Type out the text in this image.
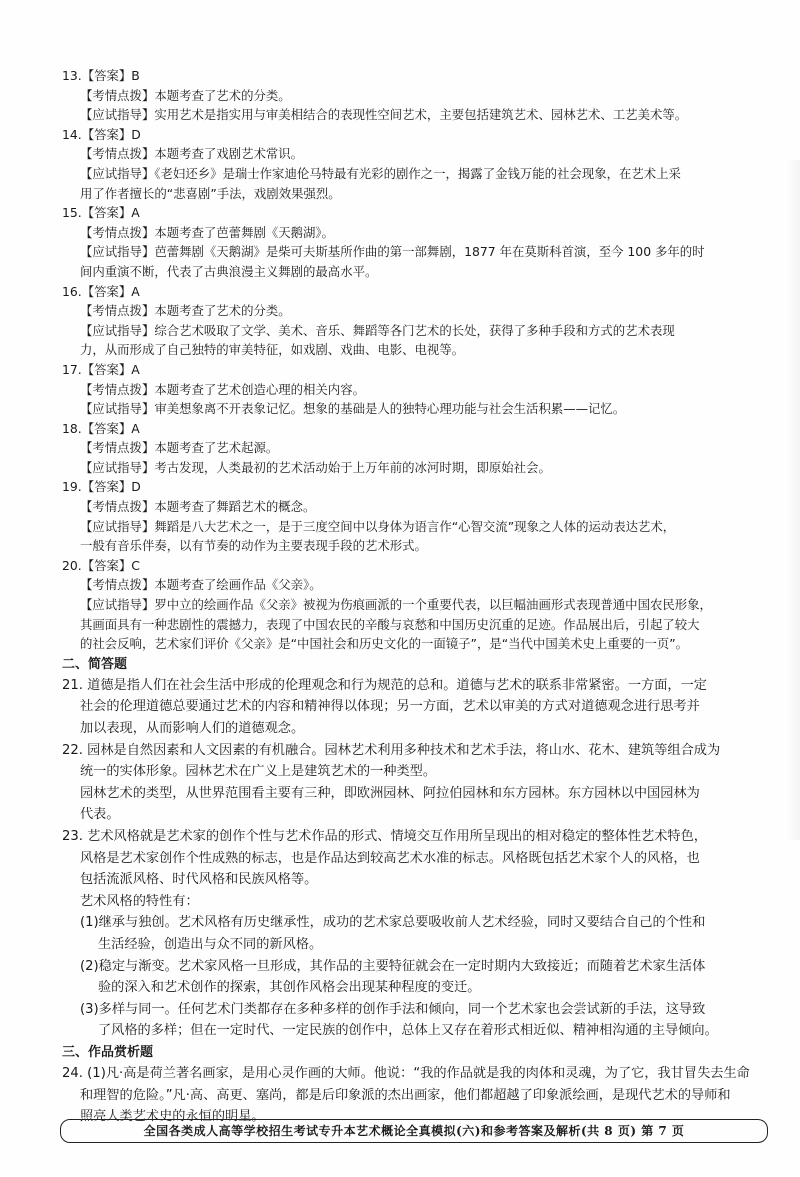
13.【答案】B
【考情点拨】本题考查了艺术的分类。
【应试指导】实用艺术是指实用与审美相结合的表现性空间艺术，主要包括建筑艺术、园林艺术、工艺美术等。
14.【答案】D
【考情点拨】本题考查了戏剧艺术常识。
【应试指导】《老妇还乡》是瑞士作家迪伦马特最有光彩的剧作之一，揭露了金钱万能的社会现象，在艺术上采
用了作者擅长的“悲喜剧”手法，戏剧效果强烈。
15.【答案】A
【考情点拨】本题考查了芭蕾舞剧《天鹅湖》。
【应试指导】芭蕾舞剧《天鹅湖》是柴可夫斯基所作曲的第一部舞剧，1877 年在莫斯科首演，至今 100 多年的时
间内重演不断，代表了古典浪漫主义舞剧的最高水平。
16.【答案】A
【考情点拨】本题考查了艺术的分类。
【应试指导】综合艺术吸取了文学、美术、音乐、舞蹈等各门艺术的长处，获得了多种手段和方式的艺术表现
力，从而形成了自己独特的审美特征，如戏剧、戏曲、电影、电视等。
17.【答案】A
【考情点拨】本题考查了艺术创造心理的相关内容。
【应试指导】审美想象离不开表象记忆。想象的基础是人的独特心理功能与社会生活积累——记忆。
18.【答案】A
【考情点拨】本题考查了艺术起源。
【应试指导】考古发现，人类最初的艺术活动始于上万年前的冰河时期，即原始社会。
19.【答案】D
【考情点拨】本题考查了舞蹈艺术的概念。
【应试指导】舞蹈是八大艺术之一，是于三度空间中以身体为语言作“心智交流”现象之人体的运动表达艺术，
一般有音乐伴奏，以有节奏的动作为主要表现手段的艺术形式。
20.【答案】C
【考情点拨】本题考查了绘画作品《父亲》。
【应试指导】罗中立的绘画作品《父亲》被视为伤痕画派的一个重要代表，以巨幅油画形式表现普通中国农民形象，
其画面具有一种悲剧性的震撼力，表现了中国农民的辛酸与哀愁和中国历史沉重的足迹。作品展出后，引起了较大
的社会反响，艺术家们评价《父亲》是“中国社会和历史文化的一面镜子”，是“当代中国美术史上重要的一页”。
二、简答题
21. 道德是指人们在社会生活中形成的伦理观念和行为规范的总和。道德与艺术的联系非常紧密。一方面，一定
社会的伦理道德总要通过艺术的内容和精神得以体现；另一方面，艺术以审美的方式对道德观念进行思考并
加以表现，从而影响人们的道德观念。
22. 园林是自然因素和人文因素的有机融合。园林艺术利用多种技术和艺术手法，将山水、花木、建筑等组合成为
统一的实体形象。园林艺术在广义上是建筑艺术的一种类型。
园林艺术的类型，从世界范围看主要有三种，即欧洲园林、阿拉伯园林和东方园林。东方园林以中国园林为
代表。
23. 艺术风格就是艺术家的创作个性与艺术作品的形式、情境交互作用所呈现出的相对稳定的整体性艺术特色，
风格是艺术家创作个性成熟的标志，也是作品达到较高艺术水准的标志。风格既包括艺术家个人的风格，也
包括流派风格、时代风格和民族风格等。
艺术风格的特性有：
(1)继承与独创。艺术风格有历史继承性，成功的艺术家总要吸收前人艺术经验，同时又要结合自己的个性和
生活经验，创造出与众不同的新风格。
(2)稳定与渐变。艺术家风格一旦形成，其作品的主要特征就会在一定时期内大致接近；而随着艺术家生活体
验的深入和艺术创作的探索，其创作风格会出现某种程度的变迁。
(3)多样与同一。任何艺术门类都存在多种多样的创作手法和倾向，同一个艺术家也会尝试新的手法，这导致
了风格的多样；但在一定时代、一定民族的创作中，总体上又存在着形式相近似、精神相沟通的主导倾向。
三、作品赏析题
24. (1)凡·高是荷兰著名画家，是用心灵作画的大师。他说：“我的作品就是我的肉体和灵魂，为了它，我甘冒失去生命
和理智的危险。”凡·高、高更、塞尚，都是后印象派的杰出画家，他们都超越了印象派绘画，是现代艺术的导师和
照亮人类艺术史的永恒的明星。
全国各类成人高等学校招生考试专升本艺术概论全真模拟(六)和参考答案及解析(共 8 页) 第 7 页
